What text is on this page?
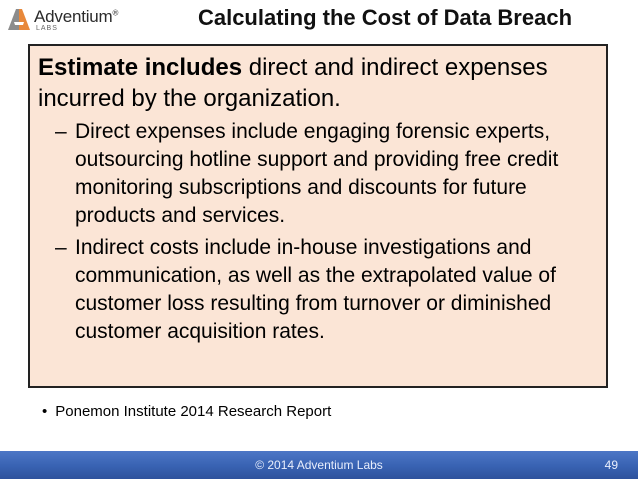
Adventium®
LABS	Calculating the Cost of Data Breach

Estimate includes direct and indirect expenses incurred by the organization.

– Direct expenses include engaging forensic experts, outsourcing hotline support and providing free credit monitoring subscriptions and discounts for future products and services.

– Indirect costs include in-house investigations and communication, as well as the extrapolated value of customer loss resulting from turnover or diminished customer acquisition rates.

• Ponemon Institute 2014 Research Report
© 2014 Adventium Labs	49
